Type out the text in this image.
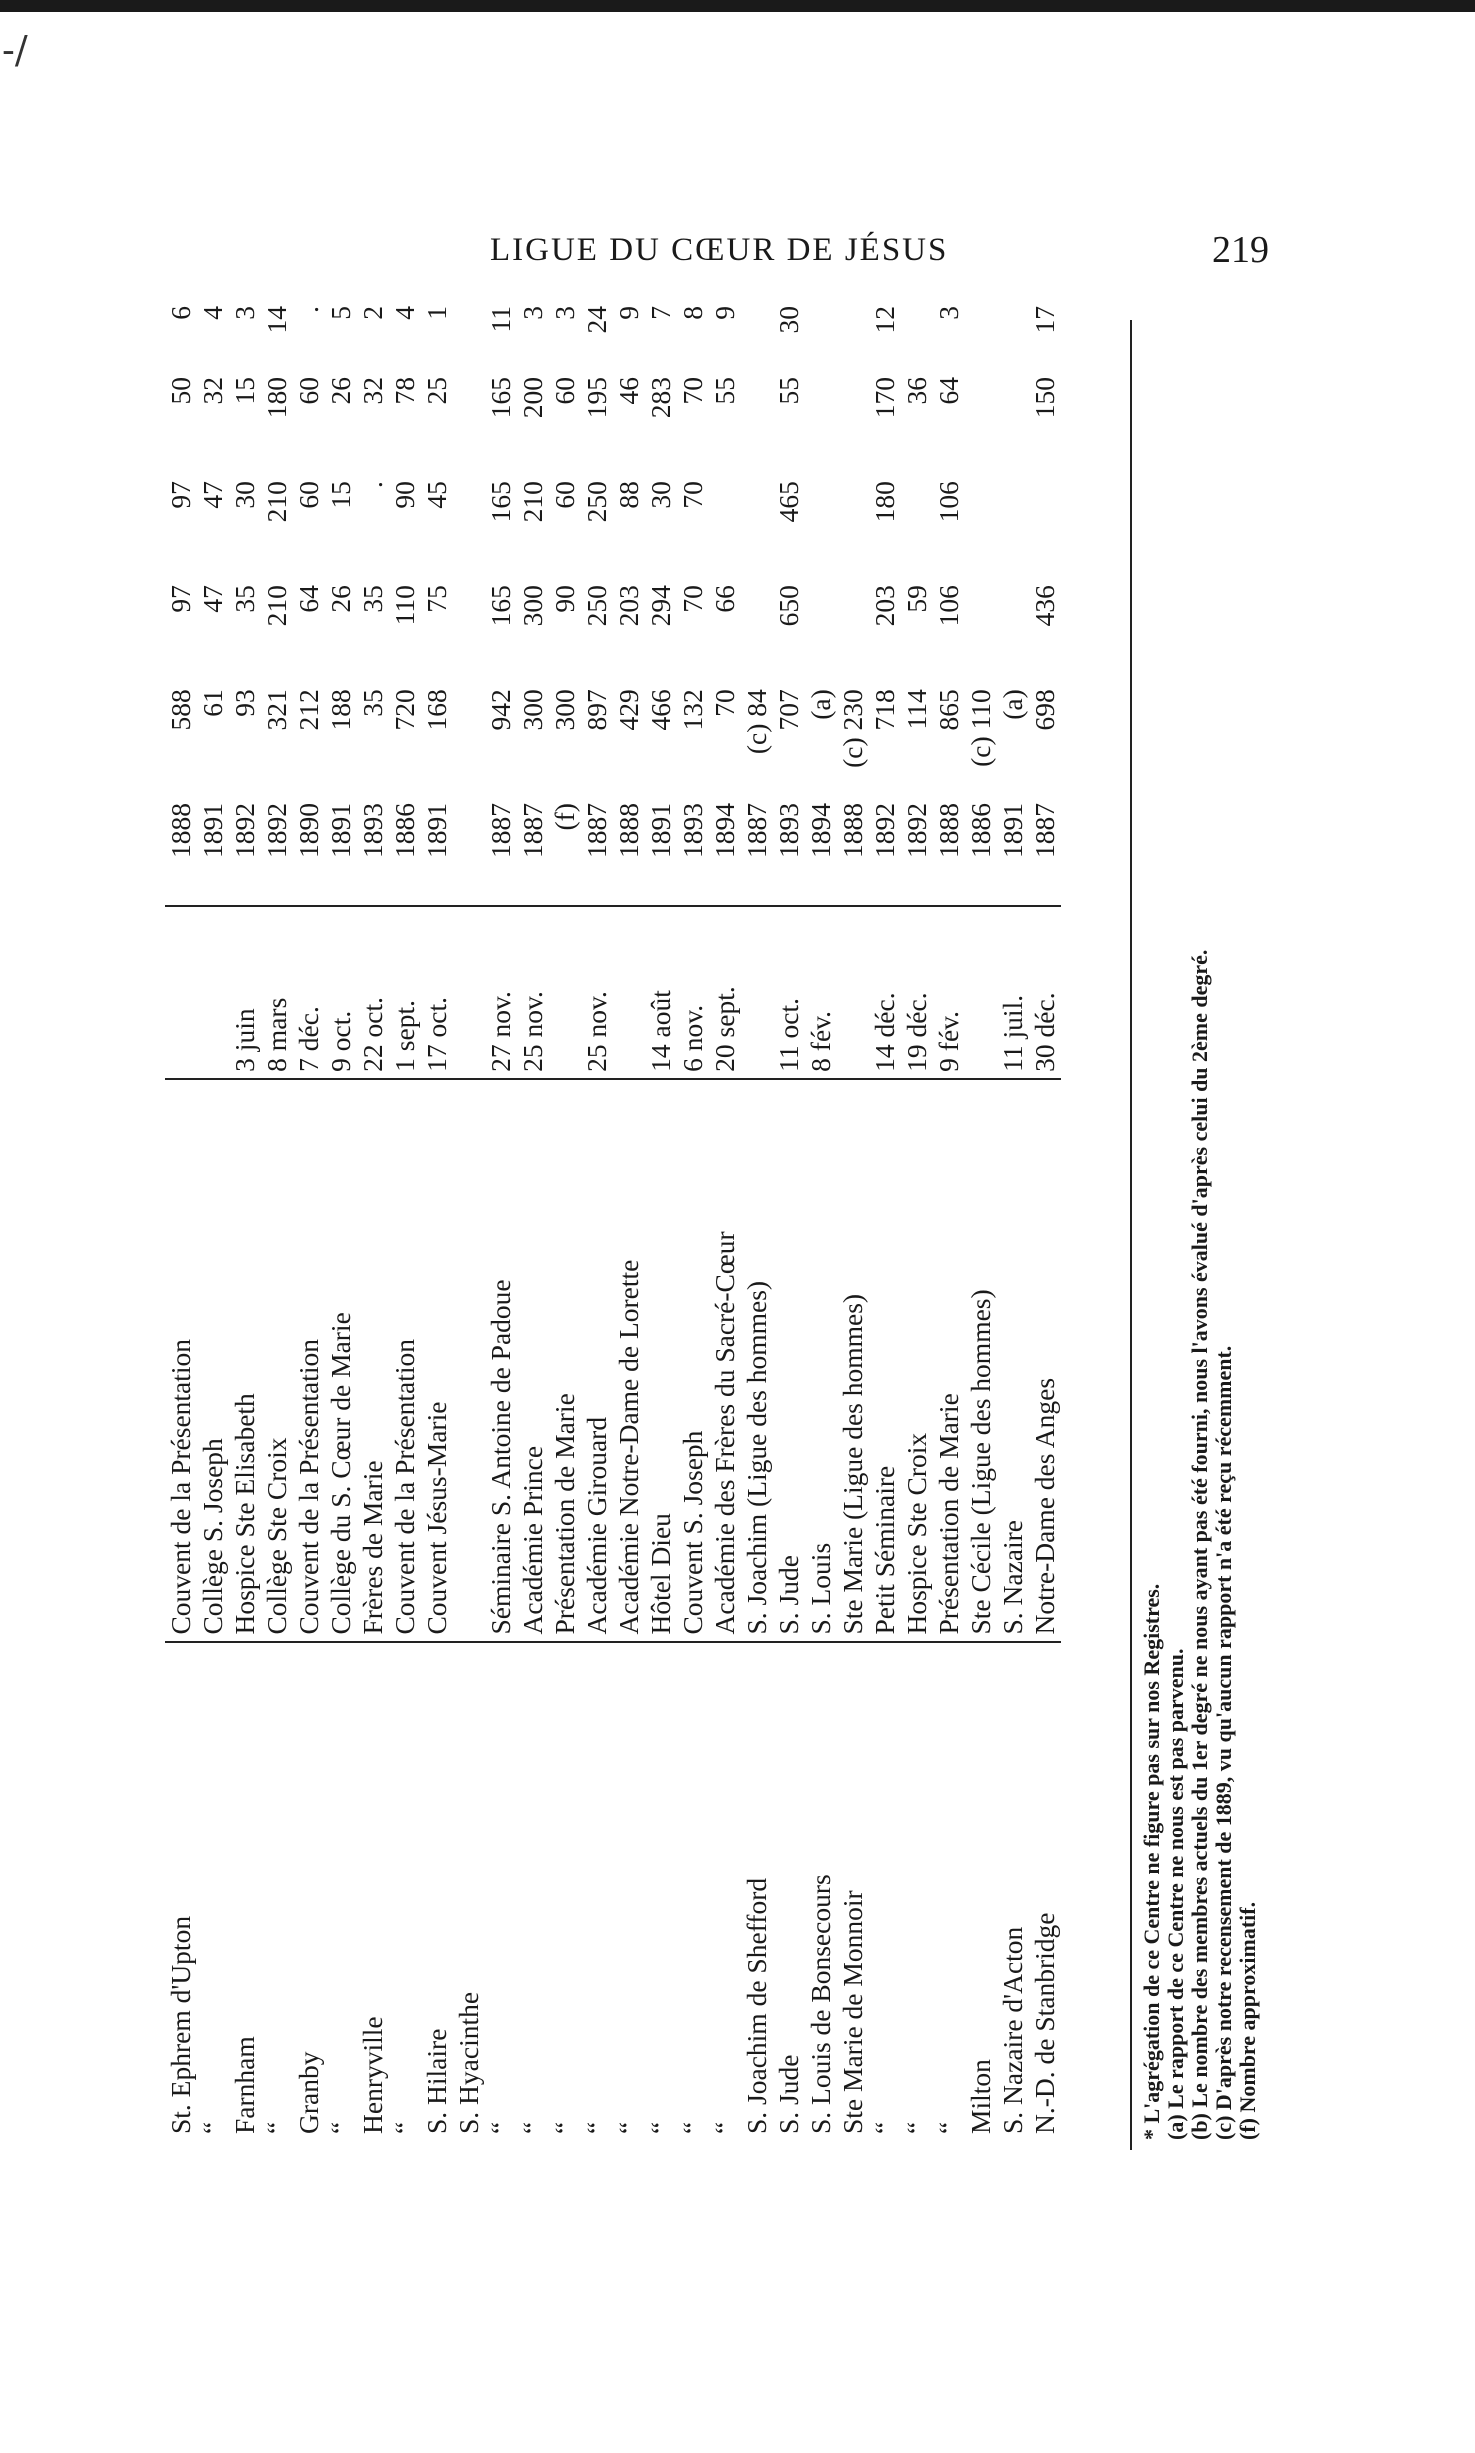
-/
LIGUE DU CŒUR DE JÉSUS	219
St. Ephrem d'Upton	Couvent de la Présentation		1888	588	97	97	50	6
“	Collège S. Joseph		1891	61	47	47	32	4
Farnham	Hospice Ste Elisabeth	3 juin	1892	93	35	30	15	3
“	Collège Ste Croix	8 mars	1892	321	210	210	180	14
Granby	Couvent de la Présentation	7 déc.	1890	212	64	60	60	.
“	Collège du S. Cœur de Marie	9 oct.	1891	188	26	15	26	5
Henryville	Frères de Marie	22 oct.	1893	35	35	.	32	2
“	Couvent de la Présentation	1 sept.	1886	720	110	90	78	4
S. Hilaire	Couvent Jésus-Marie	17 oct.	1891	168	75	45	25	1
S. Hyacinthe								
“	Séminaire S. Antoine de Padoue	27 nov.	1887	942	165	165	165	11
“	Académie Prince	25 nov.	1887	300	300	210	200	3
“	Présentation de Marie		(f)	300	90	60	60	3
“	Académie Girouard	25 nov.	1887	897	250	250	195	24
“	Académie Notre-Dame de Lorette		1888	429	203	88	46	9
“	Hôtel Dieu	14 août	1891	466	294	30	283	7
“	Couvent S. Joseph	6 nov.	1893	132	70	70	70	8
“	Académie des Frères du Sacré-Cœur	20 sept.	1894	70	66		55	9
S. Joachim de Shefford	S. Joachim (Ligue des hommes)		1887	(c) 84				
S. Jude	S. Jude	11 oct.	1893	707	650	465	55	30
S. Louis de Bonsecours	S. Louis	8 fév.	1894	(a)				
Ste Marie de Monnoir	Ste Marie (Ligue des hommes)		1888	(c) 230				
“	Petit Séminaire	14 déc.	1892	718	203	180	170	12
“	Hospice Ste Croix	19 déc.	1892	114	59		36	
“	Présentation de Marie	9 fév.	1888	865	106	106	64	3
Milton	Ste Cécile (Ligue des hommes)		1886	(c) 110				
S. Nazaire d'Acton	S. Nazaire	11 juil.	1891	(a)				
N.-D. de Stanbridge	Notre-Dame des Anges	30 déc.	1887	698	436		150	17

* L'agrégation de ce Centre ne figure pas sur nos Registres. (a) Le rapport de ce Centre ne nous est pas parvenu. (b) Le nombre des membres actuels du 1er degré ne nous ayant pas été fourni, nous l'avons évalué d'après celui du 2ème degré. (c) D'après notre recensement de 1889, vu qu'aucun rapport n'a été reçu récemment. (f) Nombre approximatif.
